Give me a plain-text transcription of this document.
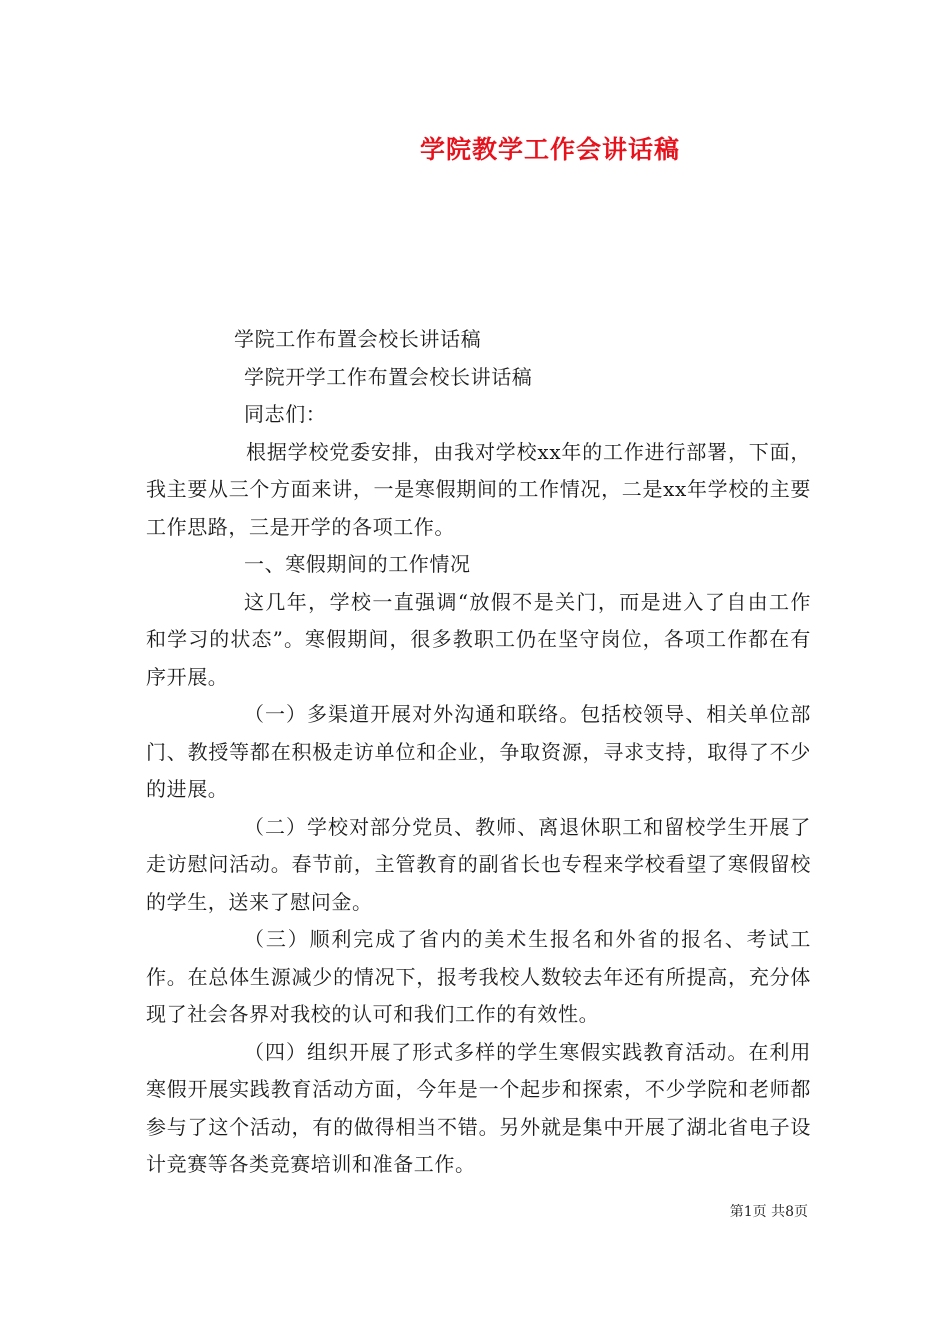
学院教学工作会讲话稿

学院工作布置会校长讲话稿

学院开学工作布置会校长讲话稿

同志们：

根据学校党委安排，由我对学校xx年的工作进行部署，下面，我主要从三个方面来讲，一是寒假期间的工作情况，二是xx年学校的主要工作思路，三是开学的各项工作。

一、寒假期间的工作情况

这几年，学校一直强调“放假不是关门，而是进入了自由工作和学习的状态”。寒假期间，很多教职工仍在坚守岗位，各项工作都在有序开展。

（一）多渠道开展对外沟通和联络。包括校领导、相关单位部门、教授等都在积极走访单位和企业，争取资源，寻求支持，取得了不少的进展。

（二）学校对部分党员、教师、离退休职工和留校学生开展了走访慰问活动。春节前，主管教育的副省长也专程来学校看望了寒假留校的学生，送来了慰问金。

（三）顺利完成了省内的美术生报名和外省的报名、考试工作。在总体生源减少的情况下，报考我校人数较去年还有所提高，充分体现了社会各界对我校的认可和我们工作的有效性。

（四）组织开展了形式多样的学生寒假实践教育活动。在利用寒假开展实践教育活动方面，今年是一个起步和探索，不少学院和老师都参与了这个活动，有的做得相当不错。另外就是集中开展了湖北省电子设计竞赛等各类竞赛培训和准备工作。

第1页 共8页
